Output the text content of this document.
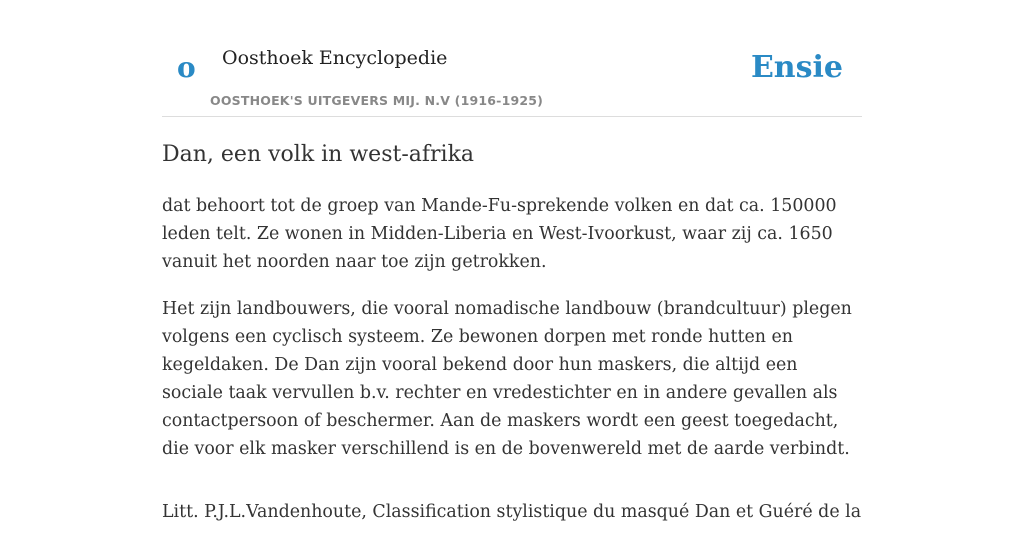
o Oosthoek Encyclopedie
OOSTHOEK'S UITGEVERS MIJ. N.V (1916-1925)
Ensie
Dan, een volk in west-afrika

dat behoort tot de groep van Mande-Fu-sprekende volken en dat ca. 150000 leden telt. Ze wonen in Midden-Liberia en West-Ivoorkust, waar zij ca. 1650 vanuit het noorden naar toe zijn getrokken.

Het zijn landbouwers, die vooral nomadische landbouw (brandcultuur) plegen volgens een cyclisch systeem. Ze bewonen dorpen met ronde hutten en kegeldaken. De Dan zijn vooral bekend door hun maskers, die altijd een sociale taak vervullen b.v. rechter en vredestichter en in andere gevallen als contactpersoon of beschermer. Aan de maskers wordt een geest toegedacht, die voor elk masker verschillend is en de bovenwereld met de aarde verbindt.

Litt. P.J.L.Vandenhoute, Classification stylistique du masqué Dan et Guéré de la
